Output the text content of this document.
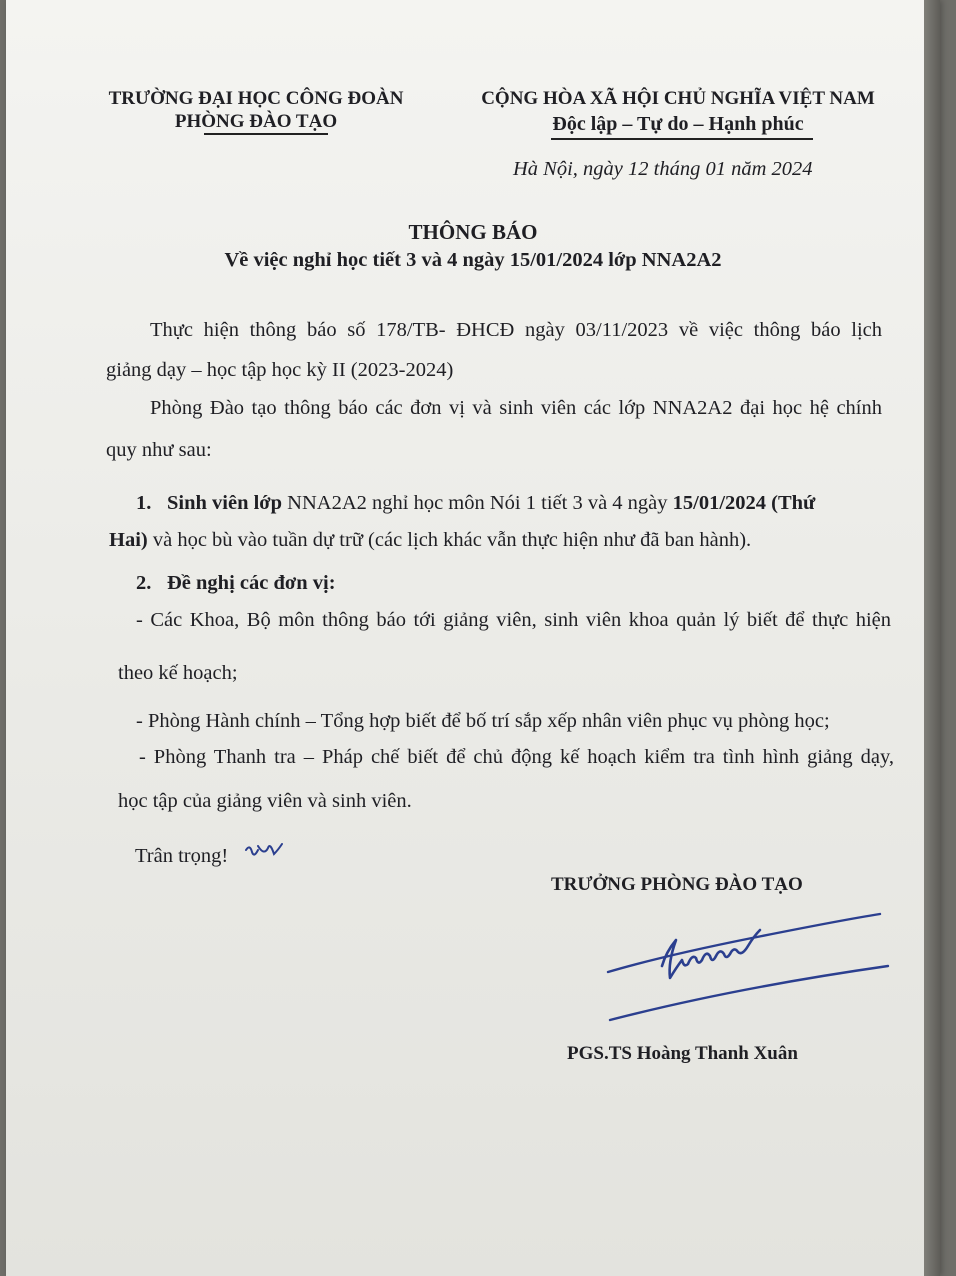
TRƯỜNG ĐẠI HỌC CÔNG ĐOÀN
PHÒNG ĐÀO TẠO
CỘNG HÒA XÃ HỘI CHỦ NGHĨA VIỆT NAM
Độc lập – Tự do – Hạnh phúc
Hà Nội, ngày 12 tháng 01 năm 2024
THÔNG BÁO
Về việc nghỉ học tiết 3 và 4 ngày 15/01/2024 lớp NNA2A2
Thực hiện thông báo số 178/TB- ĐHCĐ ngày 03/11/2023 về việc thông báo lịch
giảng dạy – học tập học kỳ II (2023-2024)
Phòng Đào tạo thông báo các đơn vị và sinh viên các lớp NNA2A2 đại học hệ chính
quy như sau:
1. Sinh viên lớp NNA2A2 nghỉ học môn Nói 1 tiết 3 và 4 ngày 15/01/2024 (Thứ
Hai) và học bù vào tuần dự trữ (các lịch khác vẫn thực hiện như đã ban hành).
2. Đề nghị các đơn vị:
- Các Khoa, Bộ môn thông báo tới giảng viên, sinh viên khoa quản lý biết để thực hiện
theo kế hoạch;
- Phòng Hành chính – Tổng hợp biết để bố trí sắp xếp nhân viên phục vụ phòng học;
- Phòng Thanh tra – Pháp chế biết để chủ động kế hoạch kiểm tra tình hình giảng dạy,
học tập của giảng viên và sinh viên.
Trân trọng!
TRƯỞNG PHÒNG ĐÀO TẠO
PGS.TS Hoàng Thanh Xuân
